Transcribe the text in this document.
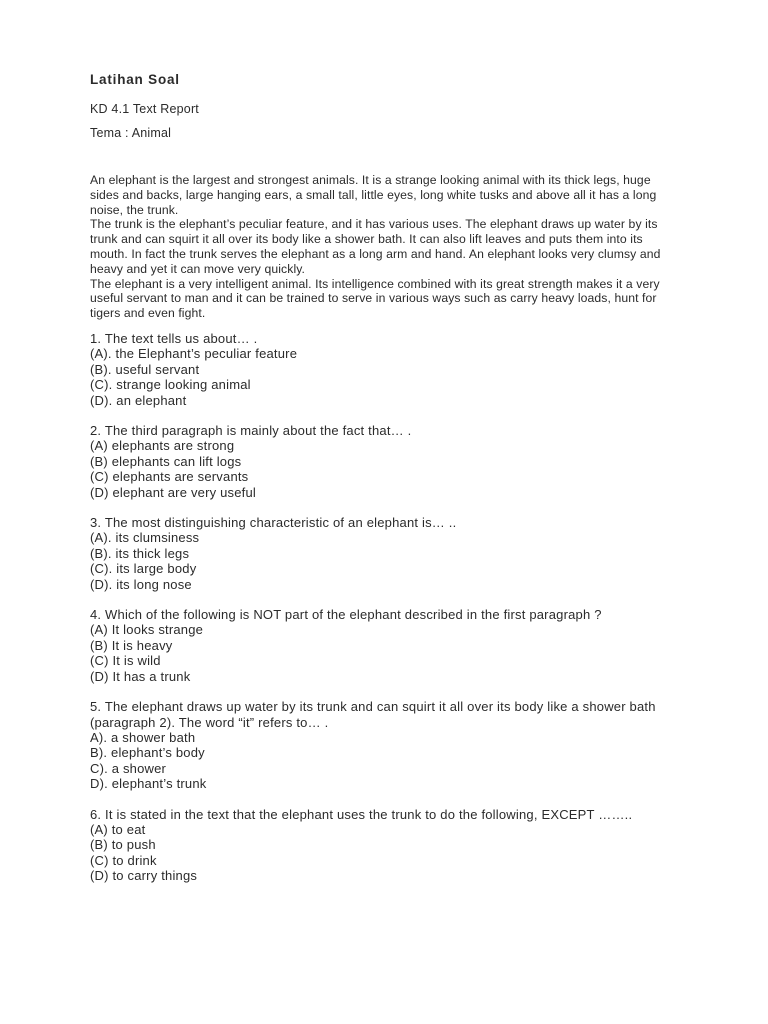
Latihan Soal
KD 4.1 Text Report
Tema : Animal

An elephant is the largest and strongest animals. It is a strange looking animal with its thick legs, huge sides and backs, large hanging ears, a small tall, little eyes, long white tusks and above all it has a long noise, the trunk.

The trunk is the elephant’s peculiar feature, and it has various uses. The elephant draws up water by its trunk and can squirt it all over its body like a shower bath. It can also lift leaves and puts them into its mouth. In fact the trunk serves the elephant as a long arm and hand. An elephant looks very clumsy and heavy and yet it can move very quickly.

The elephant is a very intelligent animal. Its intelligence combined with its great strength makes it a very useful servant to man and it can be trained to serve in various ways such as carry heavy loads, hunt for tigers and even fight.

1. The text tells us about… .
(A). the Elephant’s peculiar feature
(B). useful servant
(C). strange looking animal
(D). an elephant
2. The third paragraph is mainly about the fact that… .
(A) elephants are strong
(B) elephants can lift logs
(C) elephants are servants
(D) elephant are very useful
3. The most distinguishing characteristic of an elephant is… ..
(A). its clumsiness
(B). its thick legs
(C). its large body
(D). its long nose
4. Which of the following is NOT part of the elephant described in the first paragraph ?
(A) It looks strange
(B) It is heavy
(C) It is wild
(D) It has a trunk
5. The elephant draws up water by its trunk and can squirt it all over its body like a shower bath (paragraph 2). The word “it” refers to… .
A). a shower bath
B). elephant’s body
C). a shower
D). elephant’s trunk
6. It is stated in the text that the elephant uses the trunk to do the following, EXCEPT ……..
(A) to eat
(B) to push
(C) to drink
(D) to carry things
